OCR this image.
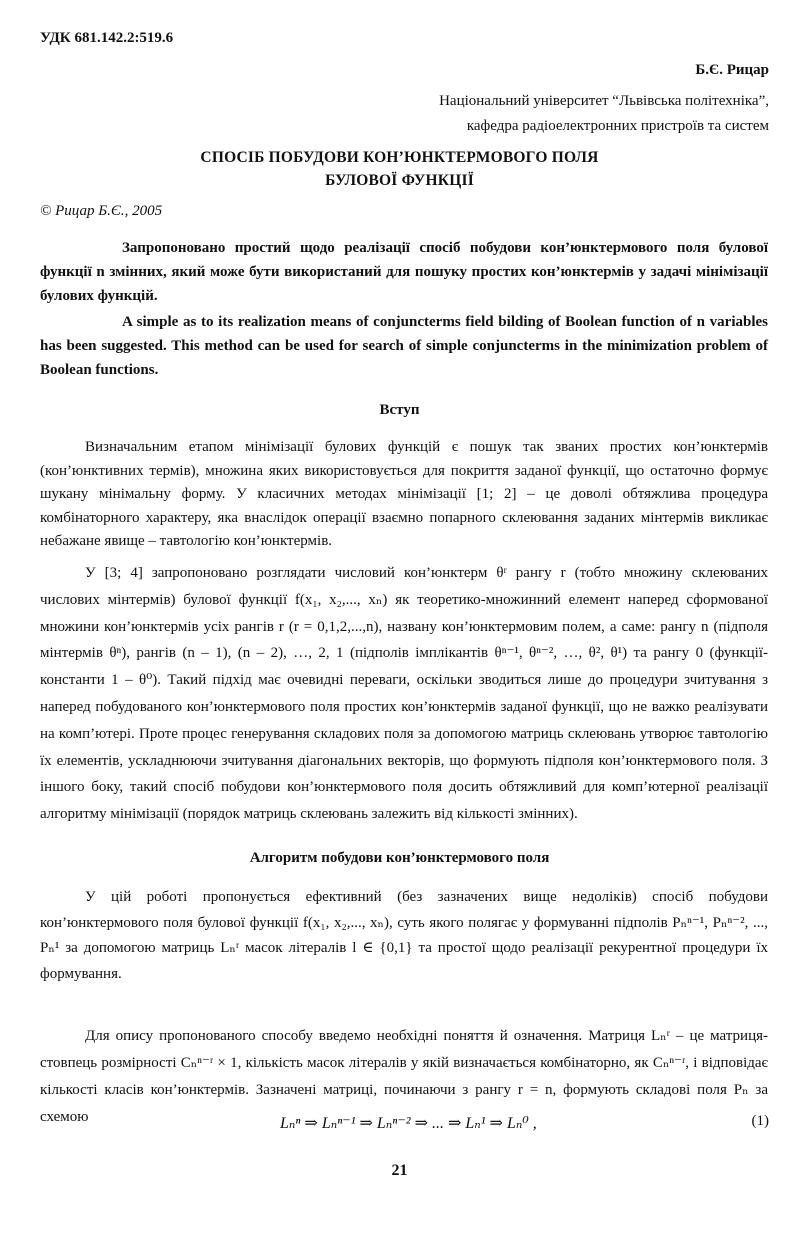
УДК 681.142.2:519.6
Б.Є. Рицар
Національний університет “Львівська політехніка”,
кафедра радіоелектронних пристроїв та систем
СПОСІБ ПОБУДОВИ КОН’ЮНКТЕРМОВОГО ПОЛЯ
БУЛОВОЇ ФУНКЦІЇ
© Рицар Б.Є., 2005
Запропоновано простий щодо реалізації спосіб побудови кон’юнктермового поля булової функції n змінних, який може бути використаний для пошуку простих кон’юнктермів у задачі мінімізації булових функцій.
A simple as to its realization means of conjuncterms field bilding of Boolean function of n variables has been suggested. This method can be used for search of simple conjuncterms in the minimization problem of Boolean functions.
Вступ
Визначальним етапом мінімізації булових функцій є пошук так званих простих кон’юнктермів (кон’юнктивних термів), множина яких використовується для покриття заданої функції, що остаточно формує шукану мінімальну форму. У класичних методах мінімізації [1; 2] – це доволі обтяжлива процедура комбінаторного характеру, яка внаслідок операції взаємно попарного склеювання заданих мінтермів викликає небажане явище – тавтологію кон’юнктермів.
У [3; 4] запропоновано розглядати числовий кон’юнктерм θʳ рангу r (тобто множину склеюваних числових мінтермів) булової функції f(x₁, x₂,..., xₙ) як теоретико-множинний елемент наперед сформованої множини кон’юнктермів усіх рангів r (r = 0,1,2,...,n), названу кон’юнктермовим полем, а саме: рангу n (підполя мінтермів θⁿ), рангів (n – 1), (n – 2), …, 2, 1 (підполів імплікантів θⁿ⁻¹, θⁿ⁻², …, θ², θ¹) та рангу 0 (функції-константи 1 – θ⁰). Такий підхід має очевидні переваги, оскільки зводиться лише до процедури зчитування з наперед побудованого кон’юнктермового поля простих кон’юнктермів заданої функції, що не важко реалізувати на комп’ютері. Проте процес генерування складових поля за допомогою матриць склеювань утворює тавтологію їх елементів, ускладнюючи зчитування діагональних векторів, що формують підполя кон’юнктермового поля. З іншого боку, такий спосіб побудови кон’юнктермового поля досить обтяжливий для комп’ютерної реалізації алгоритму мінімізації (порядок матриць склеювань залежить від кількості змінних).
Алгоритм побудови кон’юнктермового поля
У цій роботі пропонується ефективний (без зазначених вище недоліків) спосіб побудови кон’юнктермового поля булової функції f(x₁, x₂,..., xₙ), суть якого полягає у формуванні підполів Pₙⁿ⁻¹, Pₙⁿ⁻², ..., Pₙ¹ за допомогою матриць Lₙʳ масок літералів l ∈ {0,1} та простої щодо реалізації рекурентної процедури їх формування.
Для опису пропонованого способу введемо необхідні поняття й означення. Матриця Lₙʳ – це матриця-стовпець розмірності Cₙⁿ⁻ʳ × 1, кількість масок літералів у якій визначається комбінаторно, як Cₙⁿ⁻ʳ, і відповідає кількості класів кон’юнктермів. Зазначені матриці, починаючи з рангу r = n, формують складові поля Pₙ за схемою	Lₙⁿ ⇒ Lₙⁿ⁻¹ ⇒ Lₙⁿ⁻² ⇒ ... ⇒ Lₙ¹ ⇒ Lₙ⁰ ,	(1)
21
